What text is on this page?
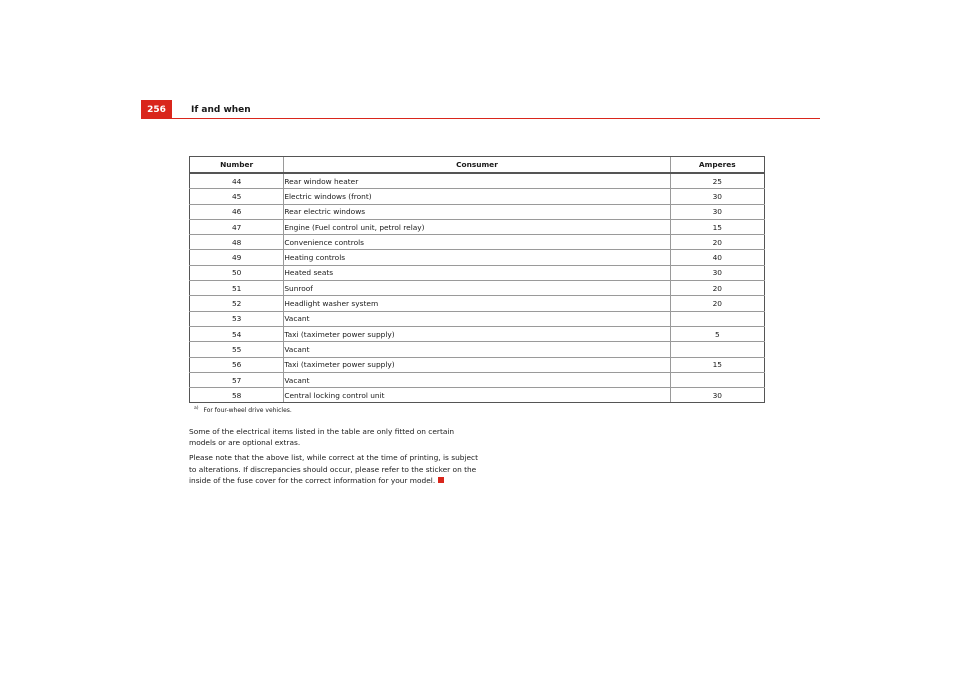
256	If and when
Number	Consumer	Amperes
44	Rear window heater	25
45	Electric windows (front)	30
46	Rear electric windows	30
47	Engine (Fuel control unit, petrol relay)	15
48	Convenience controls	20
49	Heating controls	40
50	Heated seats	30
51	Sunroof	20
52	Headlight washer system	20
53	Vacant	
54	Taxi (taximeter power supply)	5
55	Vacant	
56	Taxi (taximeter power supply)	15
57	Vacant	
58	Central locking control unit	30
$^{a)}$ For four-wheel drive vehicles.

Some of the electrical items listed in the table are only fitted on certain models or are optional extras.

Please note that the above list, while correct at the time of printing, is subject to alterations. If discrepancies should occur, please refer to the sticker on the inside of the fuse cover for the correct information for your model.
